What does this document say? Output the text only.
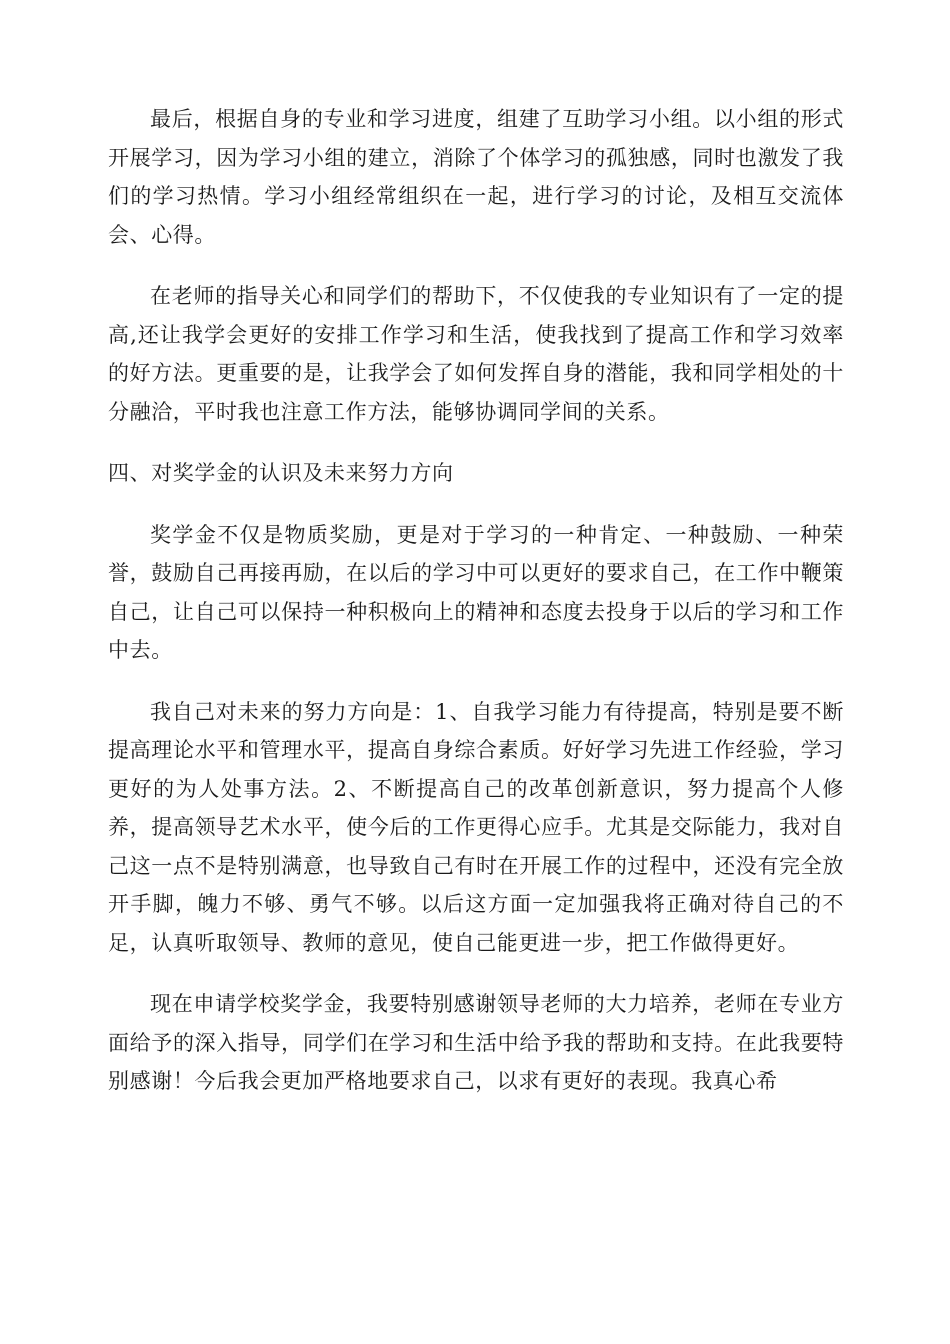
最后，根据自身的专业和学习进度，组建了互助学习小组。以小组的形式开展学习，因为学习小组的建立，消除了个体学习的孤独感，同时也激发了我们的学习热情。学习小组经常组织在一起，进行学习的讨论，及相互交流体会、心得。

在老师的指导关心和同学们的帮助下，不仅使我的专业知识有了一定的提高,还让我学会更好的安排工作学习和生活，使我找到了提高工作和学习效率的好方法。更重要的是，让我学会了如何发挥自身的潜能，我和同学相处的十分融洽，平时我也注意工作方法，能够协调同学间的关系。

四、对奖学金的认识及未来努力方向

奖学金不仅是物质奖励，更是对于学习的一种肯定、一种鼓励、一种荣誉，鼓励自己再接再励，在以后的学习中可以更好的要求自己，在工作中鞭策自己，让自己可以保持一种积极向上的精神和态度去投身于以后的学习和工作中去。

我自己对未来的努力方向是：1、自我学习能力有待提高，特别是要不断提高理论水平和管理水平，提高自身综合素质。好好学习先进工作经验，学习更好的为人处事方法。2、不断提高自己的改革创新意识，努力提高个人修养，提高领导艺术水平，使今后的工作更得心应手。尤其是交际能力，我对自己这一点不是特别满意，也导致自己有时在开展工作的过程中，还没有完全放开手脚，魄力不够、勇气不够。以后这方面一定加强我将正确对待自己的不足，认真听取领导、教师的意见，使自己能更进一步，把工作做得更好。

现在申请学校奖学金，我要特别感谢领导老师的大力培养，老师在专业方面给予的深入指导，同学们在学习和生活中给予我的帮助和支持。在此我要特别感谢！今后我会更加严格地要求自己，以求有更好的表现。我真心希
